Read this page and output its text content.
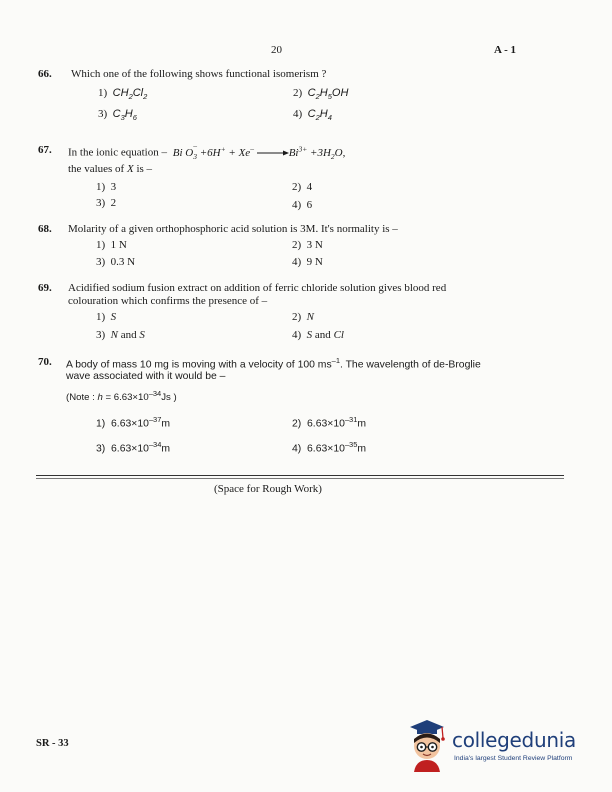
20	A - 1
66. Which one of the following shows functional isomerism ?
1) $CH_2Cl_2$	2) $C_2H_5OH$
3) $C_3H_6$	4) $C_2H_4$
67. In the ionic equation – Bi $O_3$
–
$+6H^+ + Xe^- \to Bi^{3+} +3H_2O$,
the values of X is –
1) 3	2) 4
3) 2	4) 6
68. Molarity of a given orthophosphoric acid solution is 3M. It's normality is –
1) 1 N	2) 3 N
3) 0.3 N	4) 9 N
69. Acidified sodium fusion extract on addition of ferric chloride solution gives blood red
colouration which confirms the presence of –
1) S	2) N
3) N and S	4) S and Cl
70. A body of mass 10 mg is moving with a velocity of 100 $ms^{-1}$. The wavelength of de-Broglie
wave associated with it would be –
(Note : $h = 6.63\times 10^{-34}Js$ )
1) $6.63\times 10^{-37}m$	2) $6.63\times 10^{-31}m$
3) $6.63\times 10^{-34}m$	4) $6.63\times 10^{-35}m$
(Space for Rough Work)
SR - 33	collegedunia
India's largest Student Review Platform
